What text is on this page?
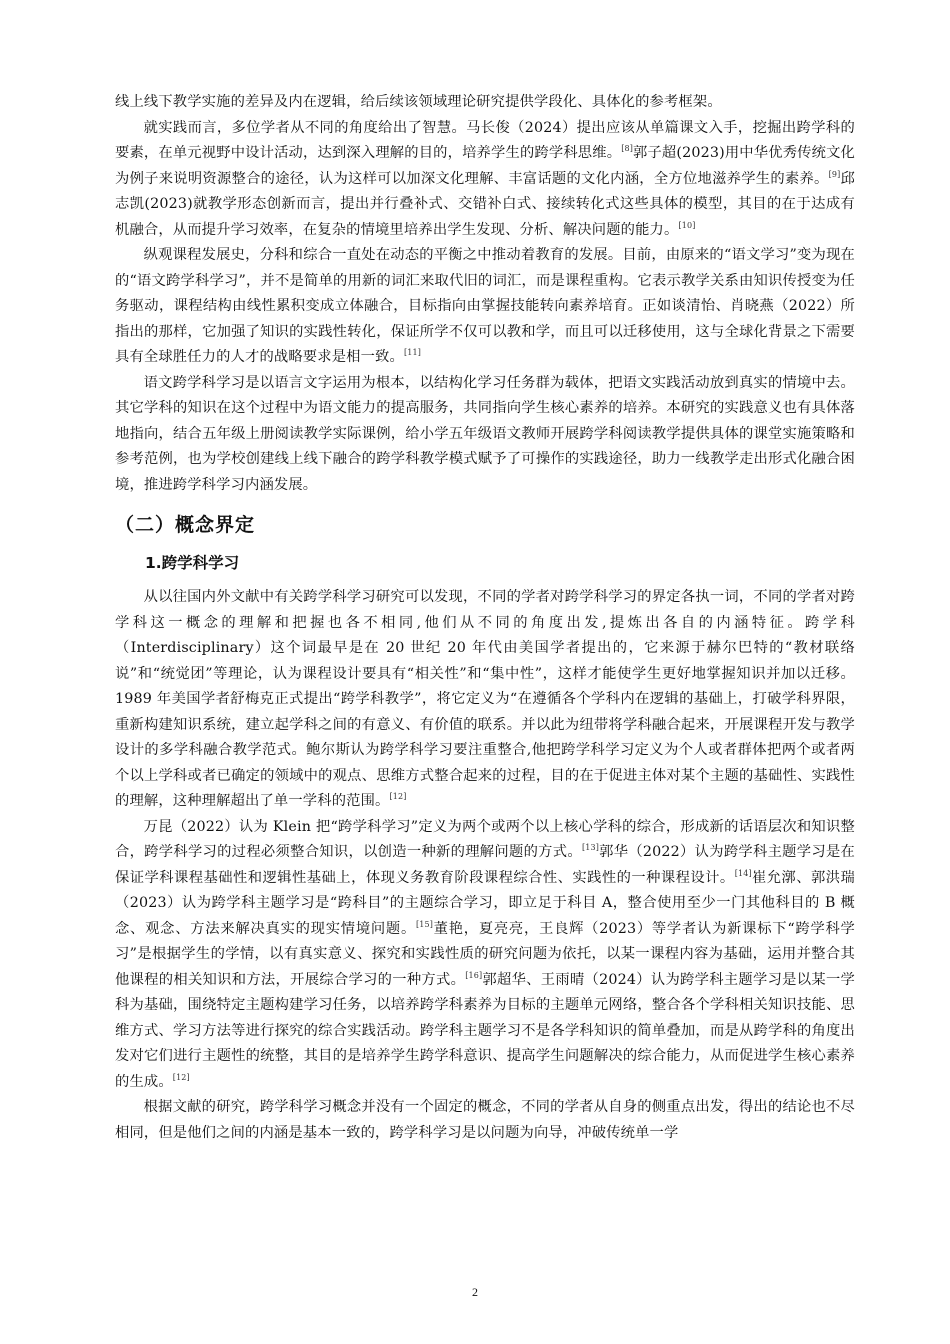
线上线下教学实施的差异及内在逻辑，给后续该领域理论研究提供学段化、具体化的参考框架。

就实践而言，多位学者从不同的角度给出了智慧。马长俊（2024）提出应该从单篇课文入手，挖掘出跨学科的要素，在单元视野中设计活动，达到深入理解的目的，培养学生的跨学科思维。[8]郭子超(2023)用中华优秀传统文化为例子来说明资源整合的途径，认为这样可以加深文化理解、丰富话题的文化内涵，全方位地滋养学生的素养。[9]邱志凯(2023)就教学形态创新而言，提出并行叠补式、交错补白式、接续转化式这些具体的模型，其目的在于达成有机融合，从而提升学习效率，在复杂的情境里培养出学生发现、分析、解决问题的能力。[10]

纵观课程发展史，分科和综合一直处在动态的平衡之中推动着教育的发展。目前，由原来的“语文学习”变为现在的“语文跨学科学习”，并不是简单的用新的词汇来取代旧的词汇，而是课程重构。它表示教学关系由知识传授变为任务驱动，课程结构由线性累积变成立体融合，目标指向由掌握技能转向素养培育。正如谈清怡、肖晓燕（2022）所指出的那样，它加强了知识的实践性转化，保证所学不仅可以教和学，而且可以迁移使用，这与全球化背景之下需要具有全球胜任力的人才的战略要求是相一致。[11]

语文跨学科学习是以语言文字运用为根本，以结构化学习任务群为载体，把语文实践活动放到真实的情境中去。其它学科的知识在这个过程中为语文能力的提高服务，共同指向学生核心素养的培养。本研究的实践意义也有具体落地指向，结合五年级上册阅读教学实际课例，给小学五年级语文教师开展跨学科阅读教学提供具体的课堂实施策略和参考范例，也为学校创建线上线下融合的跨学科教学模式赋予了可操作的实践途径，助力一线教学走出形式化融合困境，推进跨学科学习内涵发展。

（二）概念界定
1.跨学科学习

从以往国内外文献中有关跨学科学习研究可以发现，不同的学者对跨学科学习的界定各执一词，不同的学者对跨学科这一概念的理解和把握也各不相同,他们从不同的角度出发,提炼出各自的内涵特征。跨学科（Interdisciplinary）这个词最早是在 20 世纪 20 年代由美国学者提出的，它来源于赫尔巴特的“教材联络说”和“统觉团”等理论，认为课程设计要具有“相关性”和“集中性”，这样才能使学生更好地掌握知识并加以迁移。1989 年美国学者舒梅克正式提出“跨学科教学”，将它定义为“在遵循各个学科内在逻辑的基础上，打破学科界限，重新构建知识系统，建立起学科之间的有意义、有价值的联系。并以此为纽带将学科融合起来，开展课程开发与教学设计的多学科融合教学范式。鲍尔斯认为跨学科学习要注重整合,他把跨学科学习定义为个人或者群体把两个或者两个以上学科或者已确定的领域中的观点、思维方式整合起来的过程，目的在于促进主体对某个主题的基础性、实践性的理解，这种理解超出了单一学科的范围。[12]

万昆（2022）认为 Klein 把“跨学科学习”定义为两个或两个以上核心学科的综合，形成新的话语层次和知识整合，跨学科学习的过程必须整合知识，以创造一种新的理解问题的方式。[13]郭华（2022）认为跨学科主题学习是在保证学科课程基础性和逻辑性基础上，体现义务教育阶段课程综合性、实践性的一种课程设计。[14]崔允漷、郭洪瑞（2023）认为跨学科主题学习是“跨科目”的主题综合学习，即立足于科目 A，整合使用至少一门其他科目的 B 概念、观念、方法来解决真实的现实情境问题。[15]董艳，夏亮亮，王良辉（2023）等学者认为新课标下“跨学科学习”是根据学生的学情，以有真实意义、探究和实践性质的研究问题为依托，以某一课程内容为基础，运用并整合其他课程的相关知识和方法，开展综合学习的一种方式。[16]郭超华、王雨晴（2024）认为跨学科主题学习是以某一学科为基础，围绕特定主题构建学习任务，以培养跨学科素养为目标的主题单元网络，整合各个学科相关知识技能、思维方式、学习方法等进行探究的综合实践活动。跨学科主题学习不是各学科知识的简单叠加，而是从跨学科的角度出发对它们进行主题性的统整，其目的是培养学生跨学科意识、提高学生问题解决的综合能力，从而促进学生核心素养的生成。[12]

根据文献的研究，跨学科学习概念并没有一个固定的概念，不同的学者从自身的侧重点出发，得出的结论也不尽相同，但是他们之间的内涵是基本一致的，跨学科学习是以问题为向导，冲破传统单一学

2
